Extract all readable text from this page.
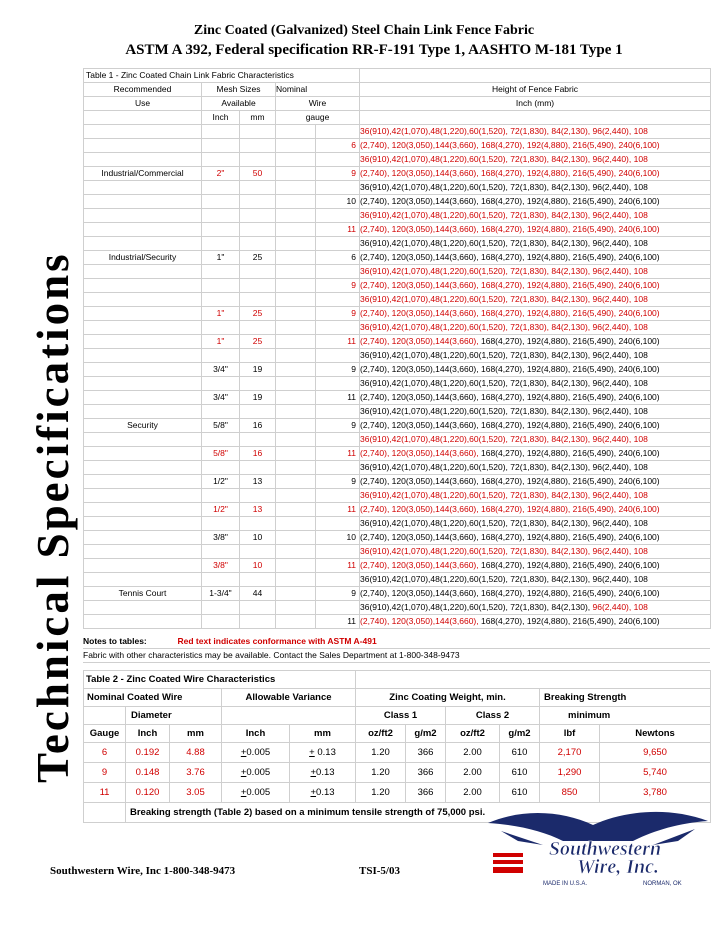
Zinc Coated (Galvanized) Steel Chain Link Fence Fabric
ASTM A 392, Federal specification RR-F-191 Type 1, AASHTO M-181 Type 1
Technical Specifications
Table 1 - Zinc Coated Chain Link Fabric Characteristics					
Recommended	Mesh Sizes		Nominal		Height of Fence Fabric
Use	Available		Wire		Inch (mm)
	Inch	mm	gauge		
					36(910),42(1,070),48(1,220),60(1,520), 72(1,830), 84(2,130), 96(2,440), 108
				6	(2,740), 120(3,050),144(3,660), 168(4,270), 192(4,880), 216(5,490), 240(6,100)
					36(910),42(1,070),48(1,220),60(1,520), 72(1,830), 84(2,130), 96(2,440), 108
Industrial/Commercial	2"	50		9	(2,740), 120(3,050),144(3,660), 168(4,270), 192(4,880), 216(5,490), 240(6,100)
					36(910),42(1,070),48(1,220),60(1,520), 72(1,830), 84(2,130), 96(2,440), 108
				10	(2,740), 120(3,050),144(3,660), 168(4,270), 192(4,880), 216(5,490), 240(6,100)
					36(910),42(1,070),48(1,220),60(1,520), 72(1,830), 84(2,130), 96(2,440), 108
				11	(2,740), 120(3,050),144(3,660), 168(4,270), 192(4,880), 216(5,490), 240(6,100)
					36(910),42(1,070),48(1,220),60(1,520), 72(1,830), 84(2,130), 96(2,440), 108
Industrial/Security	1"	25		6	(2,740), 120(3,050),144(3,660), 168(4,270), 192(4,880), 216(5,490), 240(6,100)
					36(910),42(1,070),48(1,220),60(1,520), 72(1,830), 84(2,130), 96(2,440), 108
				9	(2,740), 120(3,050),144(3,660), 168(4,270), 192(4,880), 216(5,490), 240(6,100)
					36(910),42(1,070),48(1,220),60(1,520), 72(1,830), 84(2,130), 96(2,440), 108
	1"	25		9	(2,740), 120(3,050),144(3,660), 168(4,270), 192(4,880), 216(5,490), 240(6,100)
					36(910),42(1,070),48(1,220),60(1,520), 72(1,830), 84(2,130), 96(2,440), 108
	1"	25		11	(2,740), 120(3,050),144(3,660), 168(4,270), 192(4,880), 216(5,490), 240(6,100)
					36(910),42(1,070),48(1,220),60(1,520), 72(1,830), 84(2,130), 96(2,440), 108
	3/4"	19		9	(2,740), 120(3,050),144(3,660), 168(4,270), 192(4,880), 216(5,490), 240(6,100)
					36(910),42(1,070),48(1,220),60(1,520), 72(1,830), 84(2,130), 96(2,440), 108
	3/4"	19		11	(2,740), 120(3,050),144(3,660), 168(4,270), 192(4,880), 216(5,490), 240(6,100)
					36(910),42(1,070),48(1,220),60(1,520), 72(1,830), 84(2,130), 96(2,440), 108
Security	5/8"	16		9	(2,740), 120(3,050),144(3,660), 168(4,270), 192(4,880), 216(5,490), 240(6,100)
					36(910),42(1,070),48(1,220),60(1,520), 72(1,830), 84(2,130), 96(2,440), 108
	5/8"	16		11	(2,740), 120(3,050),144(3,660), 168(4,270), 192(4,880), 216(5,490), 240(6,100)
					36(910),42(1,070),48(1,220),60(1,520), 72(1,830), 84(2,130), 96(2,440), 108
	1/2"	13		9	(2,740), 120(3,050),144(3,660), 168(4,270), 192(4,880), 216(5,490), 240(6,100)
					36(910),42(1,070),48(1,220),60(1,520), 72(1,830), 84(2,130), 96(2,440), 108
	1/2"	13		11	(2,740), 120(3,050),144(3,660), 168(4,270), 192(4,880), 216(5,490), 240(6,100)
					36(910),42(1,070),48(1,220),60(1,520), 72(1,830), 84(2,130), 96(2,440), 108
	3/8"	10		10	(2,740), 120(3,050),144(3,660), 168(4,270), 192(4,880), 216(5,490), 240(6,100)
					36(910),42(1,070),48(1,220),60(1,520), 72(1,830), 84(2,130), 96(2,440), 108
	3/8"	10		11	(2,740), 120(3,050),144(3,660), 168(4,270), 192(4,880), 216(5,490), 240(6,100)
					36(910),42(1,070),48(1,220),60(1,520), 72(1,830), 84(2,130), 96(2,440), 108
Tennis Court	1-3/4"	44		9	(2,740), 120(3,050),144(3,660), 168(4,270), 192(4,880), 216(5,490), 240(6,100)
					36(910),42(1,070),48(1,220),60(1,520), 72(1,830), 84(2,130), 96(2,440), 108
				11	(2,740), 120(3,050),144(3,660), 168(4,270), 192(4,880), 216(5,490), 240(6,100)
Notes to tables:	Red text indicates conformance with ASTM A-491
Fabric with other characteristics may be available. Contact the Sales Department at 1-800-348-9473
Table 2 - Zinc Coated Wire Characteristics										
Nominal Coated Wire			Allowable Variance		Zinc Coating Weight, min.				Breaking Strength	
	Diameter				Class 1		Class 2		minimum	
Gauge	Inch	mm	Inch	mm	oz/ft2	g/m2	oz/ft2	g/m2	lbf	Newtons
6	0.192	4.88	+0.005	+ 0.13	1.20	366	2.00	610	2,170	9,650
9	0.148	3.76	+0.005	+0.13	1.20	366	2.00	610	1,290	5,740
11	0.120	3.05	+0.005	+0.13	1.20	366	2.00	610	850	3,780
	Breaking strength (Table 2) based on a minimum tensile strength of 75,000 psi.									
Southwestern Wire, Inc 1-800-348-9473	TSI-5/03
Southwestern
Wire, Inc.
MADE IN U.S.A.	NORMAN, OK
